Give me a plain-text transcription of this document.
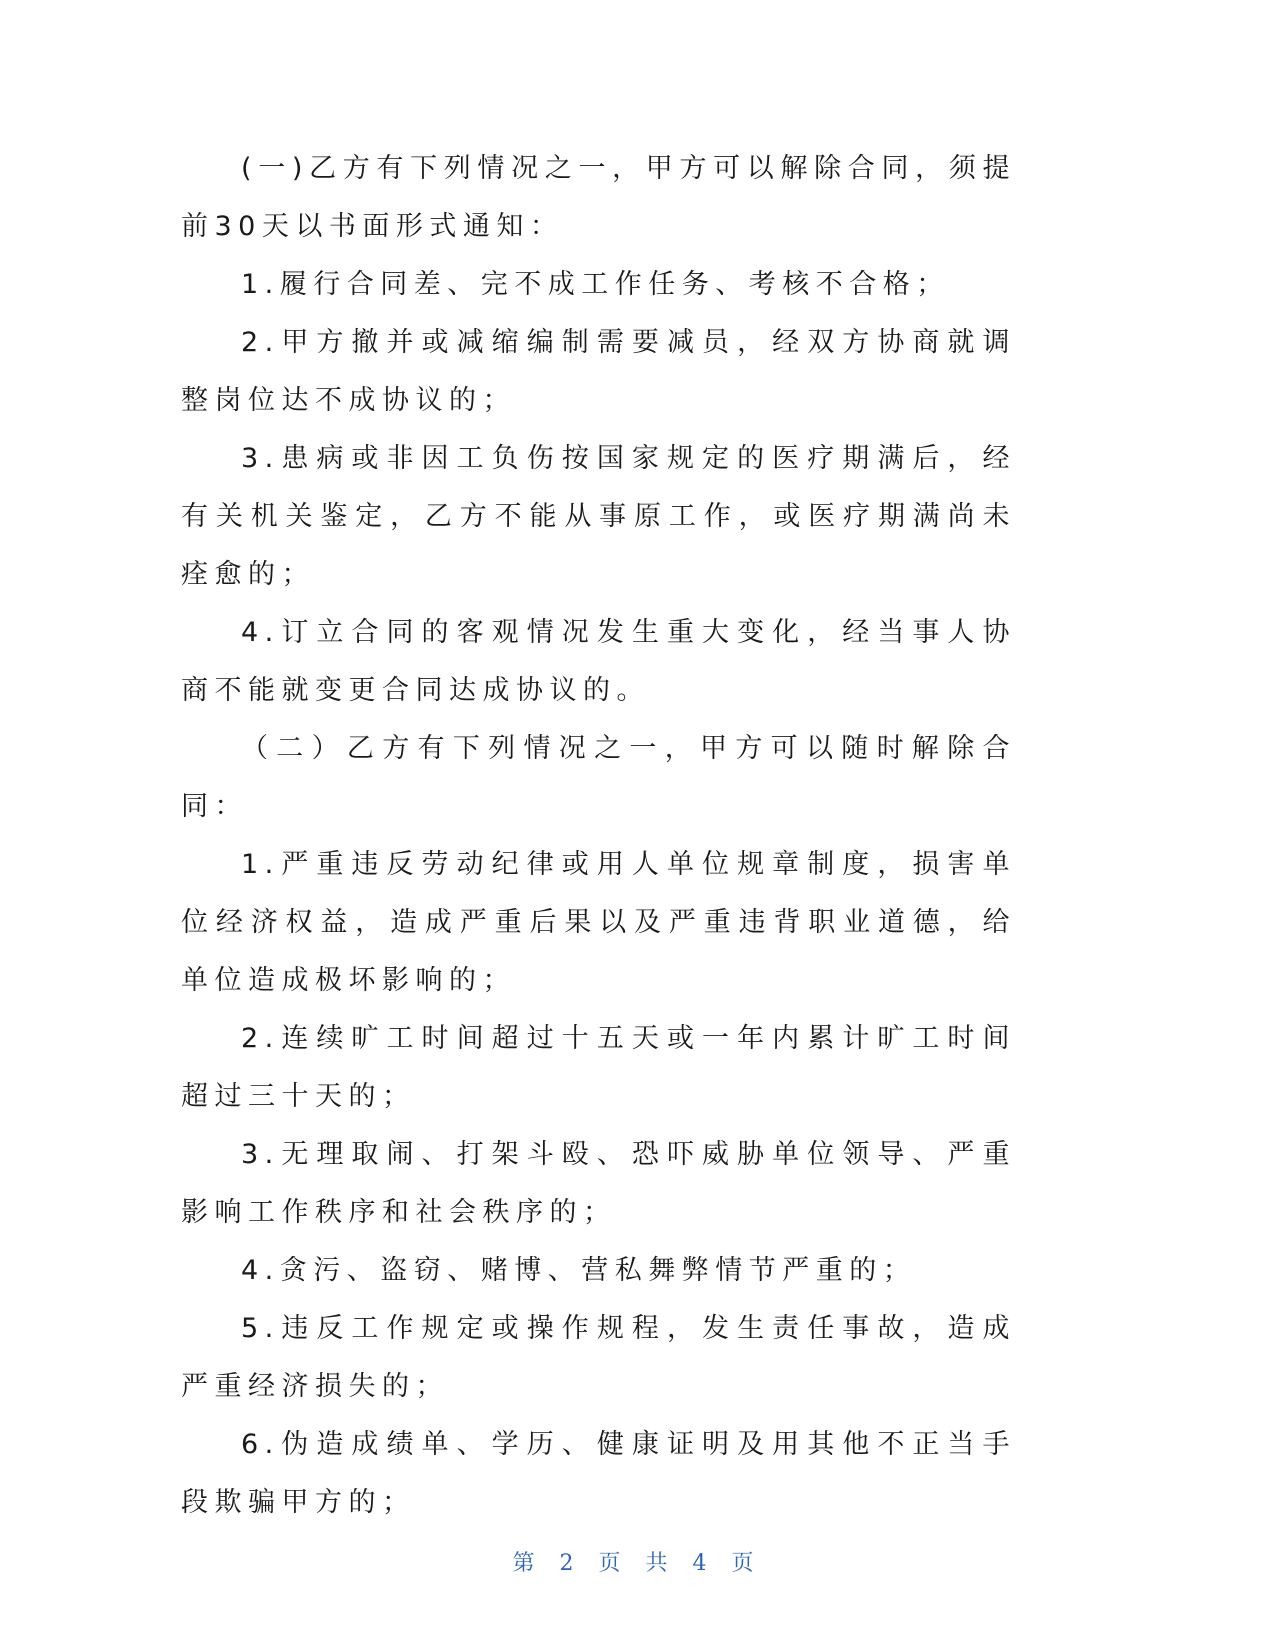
(一)乙方有下列情况之一，甲方可以解除合同，须提前30天以书面形式通知：

1.履行合同差、完不成工作任务、考核不合格；

2.甲方撤并或减缩编制需要减员，经双方协商就调整岗位达不成协议的；

3.患病或非因工负伤按国家规定的医疗期满后，经有关机关鉴定，乙方不能从事原工作，或医疗期满尚未痊愈的；

4.订立合同的客观情况发生重大变化，经当事人协商不能就变更合同达成协议的。

（二）乙方有下列情况之一，甲方可以随时解除合同：

1.严重违反劳动纪律或用人单位规章制度，损害单位经济权益，造成严重后果以及严重违背职业道德，给单位造成极坏影响的；

2.连续旷工时间超过十五天或一年内累计旷工时间超过三十天的；

3.无理取闹、打架斗殴、恐吓威胁单位领导、严重影响工作秩序和社会秩序的；

4.贪污、盗窃、赌博、营私舞弊情节严重的；

5.违反工作规定或操作规程，发生责任事故，造成严重经济损失的；

6.伪造成绩单、学历、健康证明及用其他不正当手段欺骗甲方的；

第 2 页 共 4 页
